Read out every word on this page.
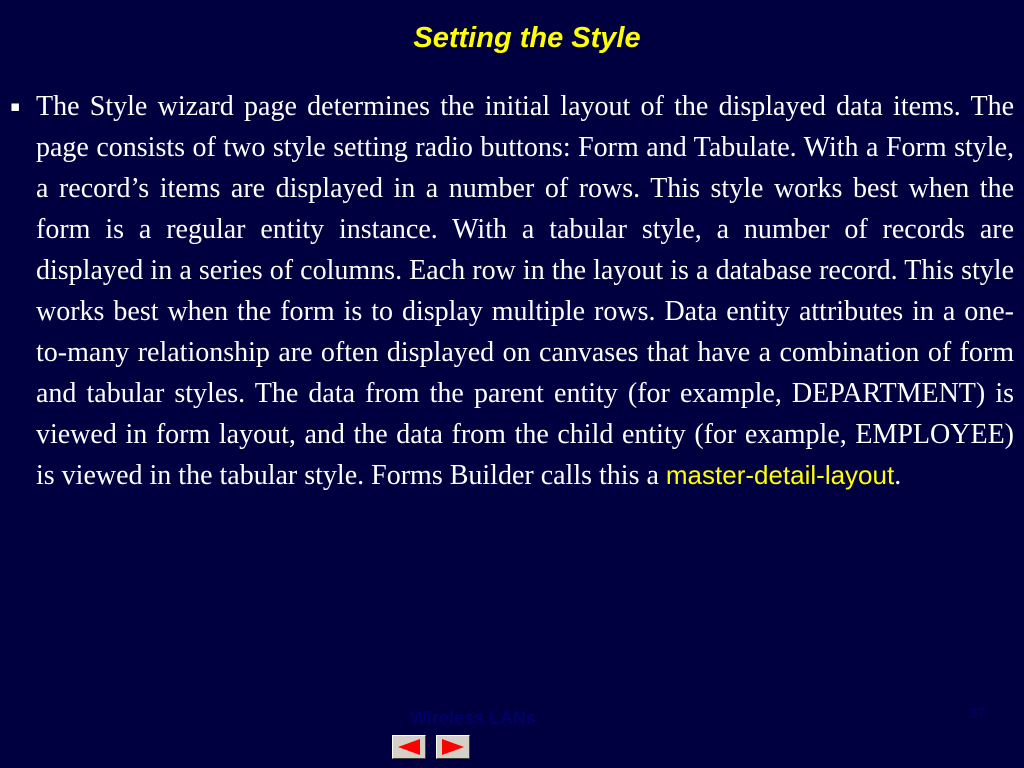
Setting the Style
▪ The Style wizard page determines the initial layout of the displayed data items. The page consists of two style setting radio buttons: Form and Tabulate. With a Form style, a record’s items are displayed in a number of rows. This style works best when the form is a regular entity instance. With a tabular style, a number of records are displayed in a series of columns. Each row in the layout is a database record. This style works best when the form is to display multiple rows. Data entity attributes in a one-to-many relationship are often displayed on canvases that have a combination of form and tabular styles. The data from the parent entity (for example, DEPARTMENT) is viewed in form layout, and the data from the child entity (for example, EMPLOYEE) is viewed in the tabular style. Forms Builder calls this a master-detail-layout.

Wireless LANs	37
